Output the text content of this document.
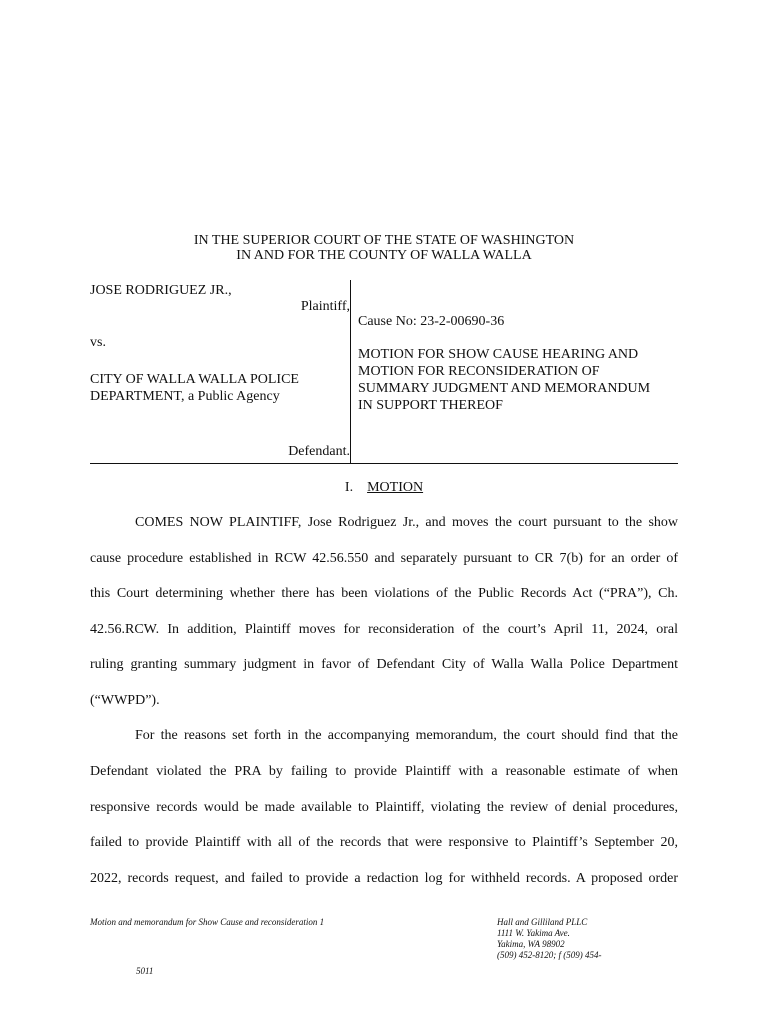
IN THE SUPERIOR COURT OF THE STATE OF WASHINGTON
IN AND FOR THE COUNTY OF WALLA WALLA
JOSE RODRIGUEZ JR.,
Plaintiff,
vs.
CITY OF WALLA WALLA POLICE
DEPARTMENT, a Public Agency
Defendant.
Cause No: 23-2-00690-36
MOTION FOR SHOW CAUSE HEARING AND
MOTION FOR RECONSIDERATION OF
SUMMARY JUDGMENT AND MEMORANDUM
IN SUPPORT THEREOF
I. MOTION
COMES NOW PLAINTIFF, Jose Rodriguez Jr., and moves the court pursuant to the show
cause procedure established in RCW 42.56.550 and separately pursuant to CR 7(b) for an order of
this Court determining whether there has been violations of the Public Records Act (“PRA”), Ch.
42.56.RCW. In addition, Plaintiff moves for reconsideration of the court’s April 11, 2024, oral
ruling granting summary judgment in favor of Defendant City of Walla Walla Police Department
(“WWPD”).
For the reasons set forth in the accompanying memorandum, the court should find that the
Defendant violated the PRA by failing to provide Plaintiff with a reasonable estimate of when
responsive records would be made available to Plaintiff, violating the review of denial procedures,
failed to provide Plaintiff with all of the records that were responsive to Plaintiff’s September 20,
2022, records request, and failed to provide a redaction log for withheld records. A proposed order
Motion and memorandum for Show Cause and reconsideration 1	Hall and Gilliland PLLC
1111 W. Yakima Ave.
Yakima, WA 98902
(509) 452-8120; f (509) 454-
5011
